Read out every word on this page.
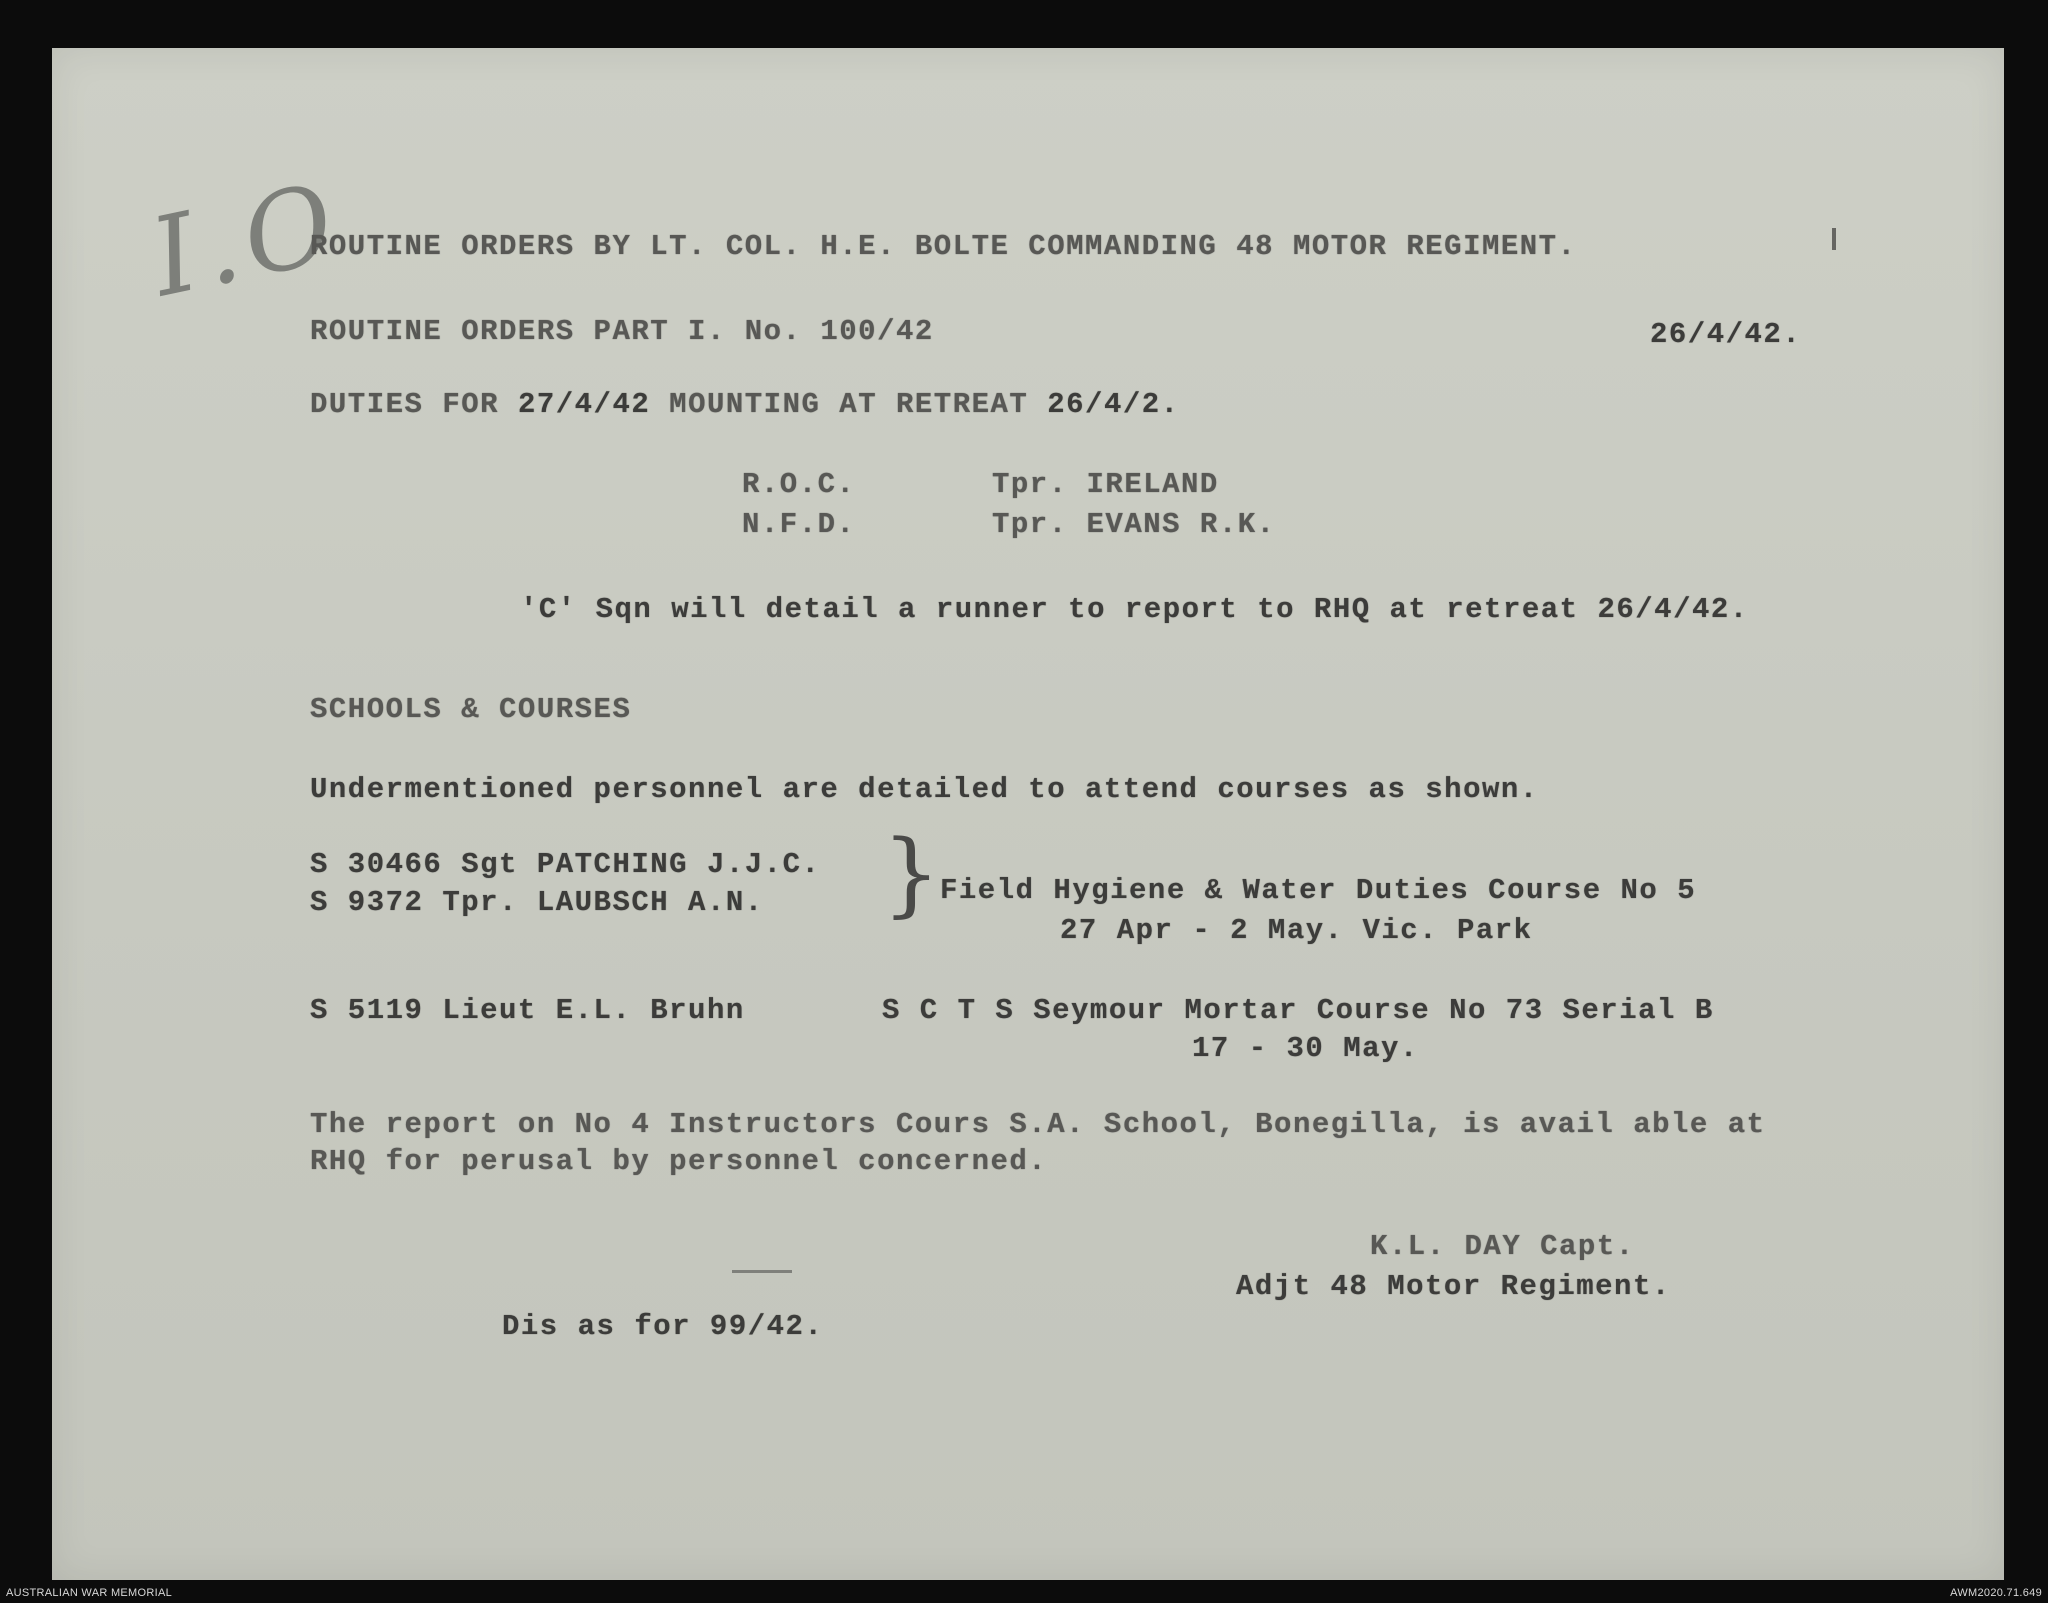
I.O
ROUTINE ORDERS BY LT. COL. H.E. BOLTE COMMANDING 48 MOTOR REGIMENT.
ROUTINE ORDERS PART I. No. 100/42	26/4/42.
DUTIES FOR 27/4/42 MOUNTING AT RETREAT 26/4/2.
R.O.C.	Tpr. IRELAND
N.F.D.	Tpr. EVANS R.K.
'C' Sqn will detail a runner to report to RHQ at retreat 26/4/42.
SCHOOLS & COURSES
Undermentioned personnel are detailed to attend courses as shown.
S 30466 Sgt PATCHING J.J.C.
S 9372 Tpr. LAUBSCH A.N. } Field Hygiene & Water Duties Course No 5
27 Apr - 2 May. Vic. Park
S 5119 Lieut E.L. Bruhn	S C T S Seymour Mortar Course No 73 Serial B
17 - 30 May.
The report on No 4 Instructors Cours S.A. School, Bonegilla, is avail able at
RHQ for perusal by personnel concerned.
K.L. DAY Capt.
Adjt 48 Motor Regiment.
Dis as for 99/42.
AUSTRALIAN WAR MEMORIAL	AWM2020.71.649
